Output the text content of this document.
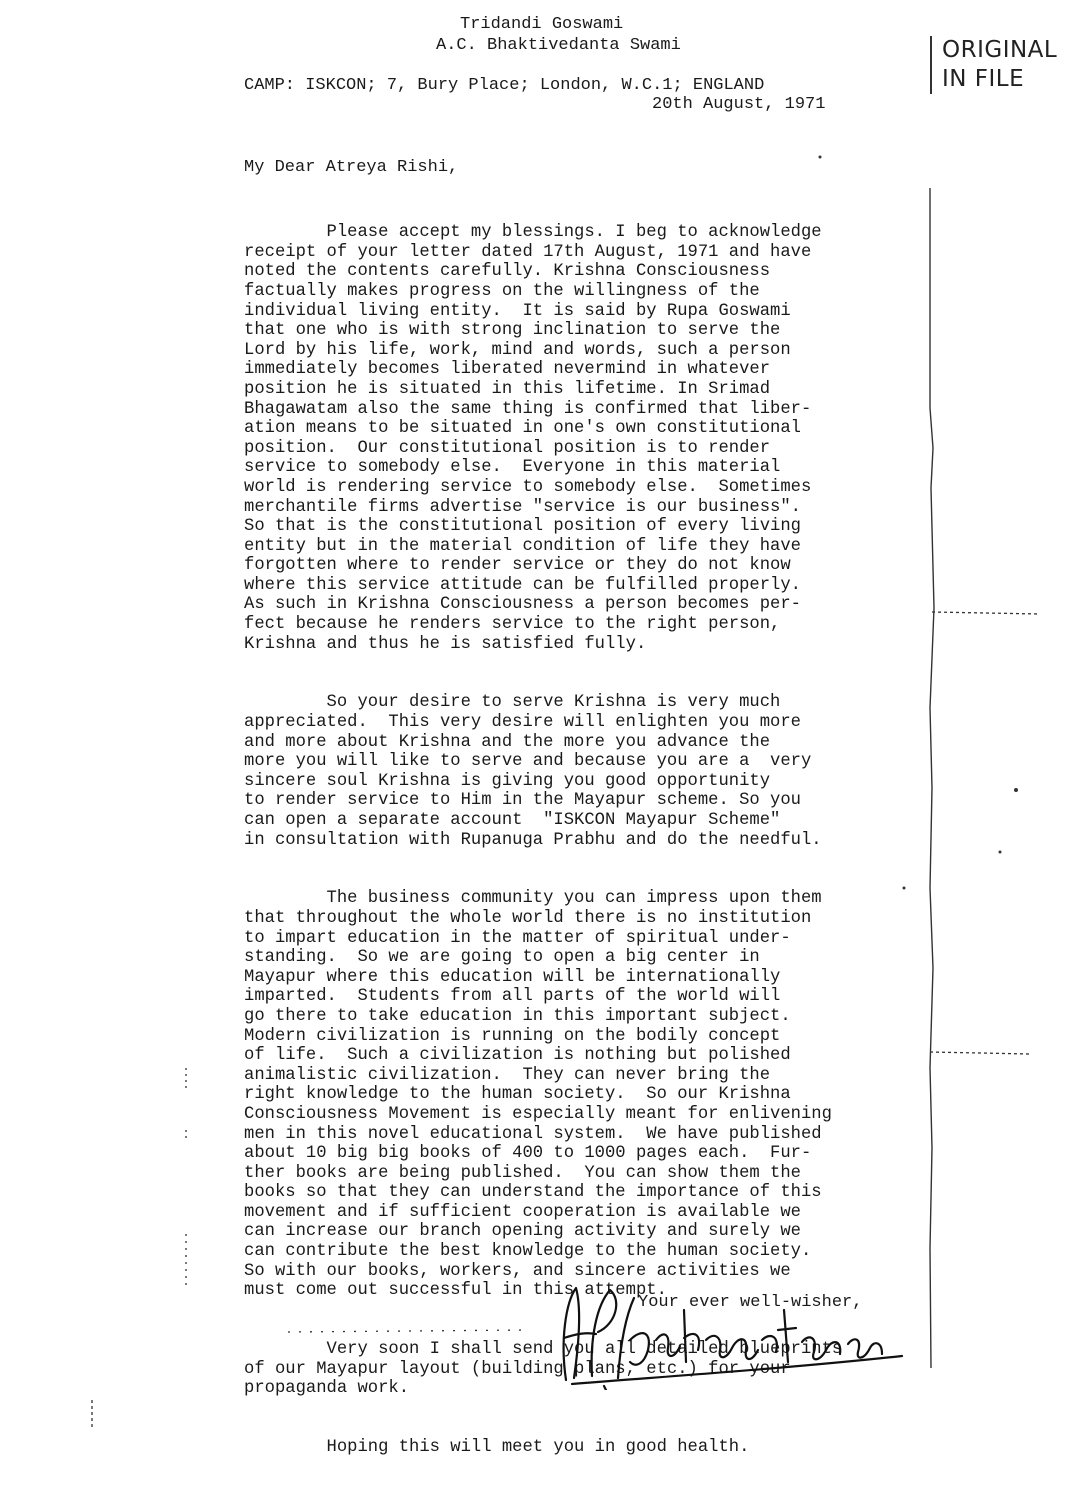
Tridandi Goswami
A.C. Bhaktivedanta Swami	ORIGINAL
IN FILE
CAMP: ISKCON; 7, Bury Place; London, W.C.1; ENGLAND
20th August, 1971
My Dear Atreya Rishi,

Please accept my blessings. I beg to acknowledge
receipt of your letter dated 17th August, 1971 and have
noted the contents carefully. Krishna Consciousness
factually makes progress on the willingness of the
individual living entity.  It is said by Rupa Goswami
that one who is with strong inclination to serve the
Lord by his life, work, mind and words, such a person
immediately becomes liberated nevermind in whatever
position he is situated in this lifetime. In Srimad
Bhagawatam also the same thing is confirmed that liber-
ation means to be situated in one's own constitutional
position.  Our constitutional position is to render
service to somebody else.  Everyone in this material
world is rendering service to somebody else.  Sometimes
merchantile firms advertise "service is our business".
So that is the constitutional position of every living
entity but in the material condition of life they have
forgotten where to render service or they do not know
where this service attitude can be fulfilled properly.
As such in Krishna Consciousness a person becomes per-
fect because he renders service to the right person,
Krishna and thus he is satisfied fully.

So your desire to serve Krishna is very much
appreciated.  This very desire will enlighten you more
and more about Krishna and the more you advance the
more you will like to serve and because you are a  very
sincere soul Krishna is giving you good opportunity
to render service to Him in the Mayapur scheme. So you
can open a separate account  "ISKCON Mayapur Scheme"
in consultation with Rupanuga Prabhu and do the needful.

The business community you can impress upon them
that throughout the whole world there is no institution
to impart education in the matter of spiritual under-
standing.  So we are going to open a big center in
Mayapur where this education will be internationally
imparted.  Students from all parts of the world will
go there to take education in this important subject.
Modern civilization is running on the bodily concept
of life.  Such a civilization is nothing but polished
animalistic civilization.  They can never bring the
right knowledge to the human society.  So our Krishna
Consciousness Movement is especially meant for enlivening
men in this novel educational system.  We have published
about 10 big big books of 400 to 1000 pages each.  Fur-
ther books are being published.  You can show them the
books so that they can understand the importance of this
movement and if sufficient cooperation is available we
can increase our branch opening activity and surely we
can contribute the best knowledge to the human society.
So with our books, workers, and sincere activities we
must come out successful in this attempt.

Very soon I shall send you all detailed blueprints
of our Mayapur layout (building plans, etc.) for your
propaganda work.

Hoping this will meet you in good health.

Your ever well-wisher,
